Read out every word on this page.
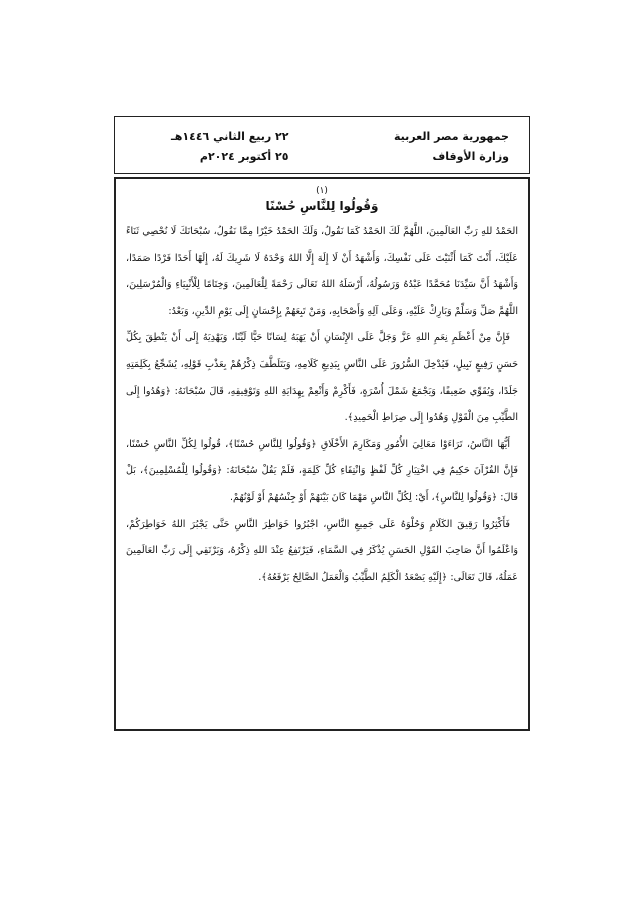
جمهورية مصر العربية
وزارة الأوقاف
٢٢ ربيع الثاني ١٤٤٦هـ
٢٥ أكتوبر ٢٠٢٤م
(١)
وَقُولُوا لِلنَّاسِ حُسْنًا

الحَمْدُ للهِ رَبِّ العَالَمِينَ، اللَّهُمَّ لَكَ الحَمْدُ كَمَا نَقُولُ، وَلَكَ الحَمْدُ خَيْرًا مِمَّا نَقُولُ، سُبْحَانَكَ لَا نُحْصِي ثَنَاءً عَلَيْكَ، أَنْتَ كَمَا أَثْنَيْتَ عَلَى نَفْسِكَ، وَأَشْهَدُ أَنْ لَا إِلَهَ إِلَّا اللهُ وَحْدَهُ لَا شَرِيكَ لَهُ، إِلَهًا أَحَدًا فَرْدًا صَمَدًا، وَأَشْهَدُ أَنَّ سَيِّدَنَا مُحَمَّدًا عَبْدُهُ وَرَسُولُهُ، أَرْسَلَهُ اللهُ تَعَالَى رَحْمَةً لِلْعَالَمِينَ، وَخِتَامًا لِلْأَنْبِيَاءِ وَالْمُرْسَلِينَ، اللَّهُمَّ صَلِّ وَسَلِّمْ وَبَارِكْ عَلَيْهِ، وَعَلَى آلِهِ وَأَصْحَابِهِ، وَمَنْ تَبِعَهُمْ بِإِحْسَانٍ إِلَى يَوْمِ الدِّينِ، وَبَعْدُ:

فَإِنَّ مِنْ أَعْظَمِ نِعَمِ اللهِ عَزَّ وَجَلَّ عَلَى الإِنْسَانِ أَنْ يَهَبَهُ لِسَانًا حَيًّا لَيِّنًا، وَيَهْدِيَهُ إِلَى أَنْ يَنْطِقَ بِكُلِّ حَسَنٍ رَفِيعٍ نَبِيلٍ، فَيُدْخِلَ السُّرُورَ عَلَى النَّاسِ بِبَدِيعِ كَلَامِهِ، وَيَتَلَطَّفَ ذِكْرُهُمْ بِعَذْبِ قَوْلِهِ، يُشَجِّعُ بِكَلِمَتِهِ جَلَدًا، وَيُقَوِّي ضَعِيفًا، وَيَجْمَعُ شَمْلَ أُسْرَةٍ، فَأَكْرِمْ وَأَنْعِمْ بِهِدَايَةِ اللهِ وَتَوْفِيقِهِ، قَالَ سُبْحَانَهُ: ﴿وَهُدُوا إِلَى الطَّيِّبِ مِنَ الْقَوْلِ وَهُدُوا إِلَى صِرَاطِ الْحَمِيدِ﴾.

أَيُّهَا النَّاسُ، تَرَاءَوْا مَعَالِيَ الأُمُورِ وَمَكَارِمَ الأَخْلَاقِ ﴿وَقُولُوا لِلنَّاسِ حُسْنًا﴾، قُولُوا لِكُلِّ النَّاسِ حُسْنًا، فَإِنَّ القُرْآنَ حَكِيمٌ فِي اخْتِيَارِ كُلِّ لَفْظٍ وَانْتِقَاءِ كُلِّ كَلِمَةٍ، فَلَمْ يَقُلْ سُبْحَانَهُ: ﴿وَقُولُوا لِلْمُسْلِمِينَ﴾، بَلْ قَالَ: ﴿وَقُولُوا لِلنَّاسِ﴾، أَيْ: لِكُلِّ النَّاسِ مَهْمَا كَانَ بَيْنَهُمْ أَوْ جِنْسُهُمْ أَوْ لَوْنُهُمْ.

فَأَكْثِرُوا رَقِيقَ الكَلَامِ وَحُلْوَهُ عَلَى جَمِيعِ النَّاسِ، اجْبُرُوا خَوَاطِرَ النَّاسِ حَتَّى يَجْبُرَ اللهُ خَوَاطِرَكُمْ، وَاعْلَمُوا أَنَّ صَاحِبَ القَوْلِ الحَسَنِ يُذْكَرُ فِي السَّمَاءِ، فَيَرْتَفِعُ عِنْدَ اللهِ ذِكْرُهُ، وَيَرْتَقِي إِلَى رَبِّ العَالَمِينَ عَمَلُهُ، قَالَ تَعَالَى: ﴿إِلَيْهِ يَصْعَدُ الْكَلِمُ الطَّيِّبُ وَالْعَمَلُ الصَّالِحُ يَرْفَعُهُ﴾.
